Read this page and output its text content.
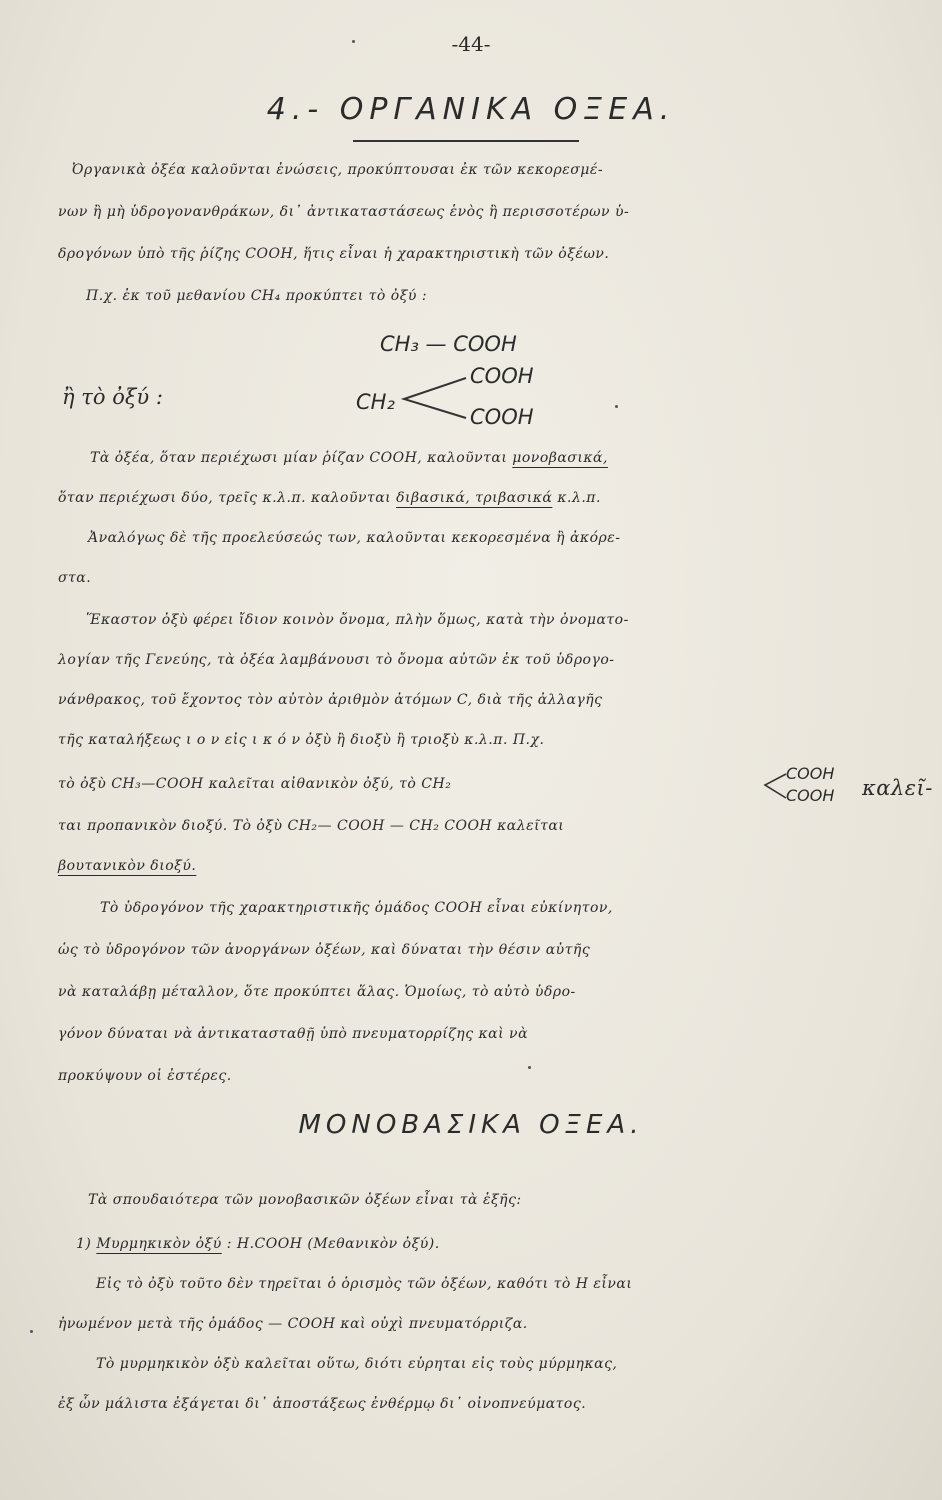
-44-
4.- ΟΡΓΑΝΙΚΑ ΟΞΕΑ.
Ὀργανικὰ ὀξέα καλοῦνται ἑνώσεις, προκύπτουσαι ἐκ τῶν κεκορεσμέ-
νων ἢ μὴ ὑδρογονανθράκων, δι᾽ ἀντικαταστάσεως ἑνὸς ἢ περισσοτέρων ὑ-
δρογόνων ὑπὸ τῆς ῥίζης COOH, ἥτις εἶναι ἡ χαρακτηριστικὴ τῶν ὀξέων.
Π.χ. ἐκ τοῦ μεθανίου CH₄ προκύπτει τὸ ὀξύ :
CH₃ — COOH
ἢ τὸ ὀξύ :	CH₂
COOH
COOH
Τὰ ὀξέα, ὅταν περιέχωσι μίαν ῥίζαν COOH, καλοῦνται μονοβασικά,
ὅταν περιέχωσι δύο, τρεῖς κ.λ.π. καλοῦνται διβασικά, τριβασικά κ.λ.π.
Ἀναλόγως δὲ τῆς προελεύσεώς των, καλοῦνται κεκορεσμένα ἢ ἀκόρε-
στα.
Ἕκαστον ὀξὺ φέρει ἴδιον κοινὸν ὄνομα, πλὴν ὅμως, κατὰ τὴν ὀνοματο-
λογίαν τῆς Γενεύης, τὰ ὀξέα λαμβάνουσι τὸ ὄνομα αὐτῶν ἐκ τοῦ ὑδρογο-
νάνθρακος, τοῦ ἔχοντος τὸν αὐτὸν ἀριθμὸν ἀτόμων C, διὰ τῆς ἀλλαγῆς
τῆς καταλήξεως ι ο ν εἰς ι κ ό ν ὀξὺ ἢ διοξὺ ἢ τριοξὺ κ.λ.π. Π.χ.
τὸ ὀξὺ CH₃—COOH καλεῖται αἰθανικὸν ὀξύ, τὸ CH₂
COOH
COOH καλεῖ-
ται προπανικὸν διοξύ. Τὸ ὀξὺ CH₂— COOH — CH₂ COOH καλεῖται
βουτανικὸν διοξύ.
Τὸ ὑδρογόνον τῆς χαρακτηριστικῆς ὁμάδος COOH εἶναι εὐκίνητον,
ὡς τὸ ὑδρογόνον τῶν ἀνοργάνων ὀξέων, καὶ δύναται τὴν θέσιν αὐτῆς
νὰ καταλάβῃ μέταλλον, ὅτε προκύπτει ἅλας. Ὁμοίως, τὸ αὐτὸ ὑδρο-
γόνον δύναται νὰ ἀντικατασταθῇ ὑπὸ πνευματορρίζης καὶ νὰ
προκύψουν οἱ ἐστέρες.
ΜΟΝΟΒΑΣΙΚΑ ΟΞΕΑ.
Τὰ σπουδαιότερα τῶν μονοβασικῶν ὀξέων εἶναι τὰ ἑξῆς:
1) Μυρμηκικὸν ὀξύ : H.COOH (Μεθανικὸν ὀξύ).
Εἰς τὸ ὀξὺ τοῦτο δὲν τηρεῖται ὁ ὁρισμὸς τῶν ὀξέων, καθότι τὸ H εἶναι
ἠνωμένον μετὰ τῆς ὁμάδος — COOH καὶ οὐχὶ πνευματόρριζα.
Τὸ μυρμηκικὸν ὀξὺ καλεῖται οὕτω, διότι εὑρηται εἰς τοὺς μύρμηκας,
ἐξ ὧν μάλιστα ἐξάγεται δι᾽ ἀποστάξεως ἐνθέρμῳ δι᾽ οἰνοπνεύματος.
